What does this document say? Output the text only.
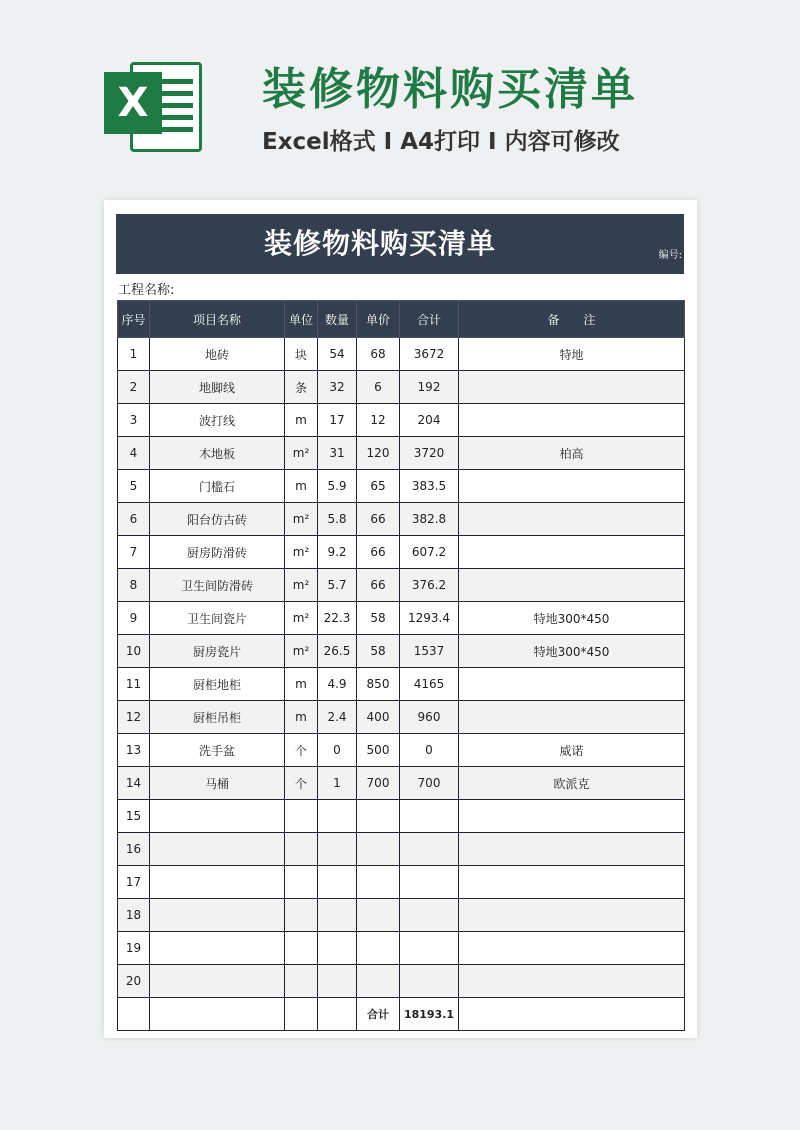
X	装修物料购买清单
Excel格式 I A4打印 I 内容可修改
装修物料购买清单	编号:
工程名称:
序号	项目名称	单位	数量	单价	合计	备　　注
1	地砖	块	54	68	3672	特地
2	地脚线	条	32	6	192	
3	波打线	m	17	12	204	
4	木地板	m²	31	120	3720	柏高
5	门槛石	m	5.9	65	383.5	
6	阳台仿古砖	m²	5.8	66	382.8	
7	厨房防滑砖	m²	9.2	66	607.2	
8	卫生间防滑砖	m²	5.7	66	376.2	
9	卫生间瓷片	m²	22.3	58	1293.4	特地300*450
10	厨房瓷片	m²	26.5	58	1537	特地300*450
11	厨柜地柜	m	4.9	850	4165	
12	厨柜吊柜	m	2.4	400	960	
13	洗手盆	个	0	500	0	威诺
14	马桶	个	1	700	700	欧派克
15						
16						
17						
18						
19						
20						
				合计	18193.1	
